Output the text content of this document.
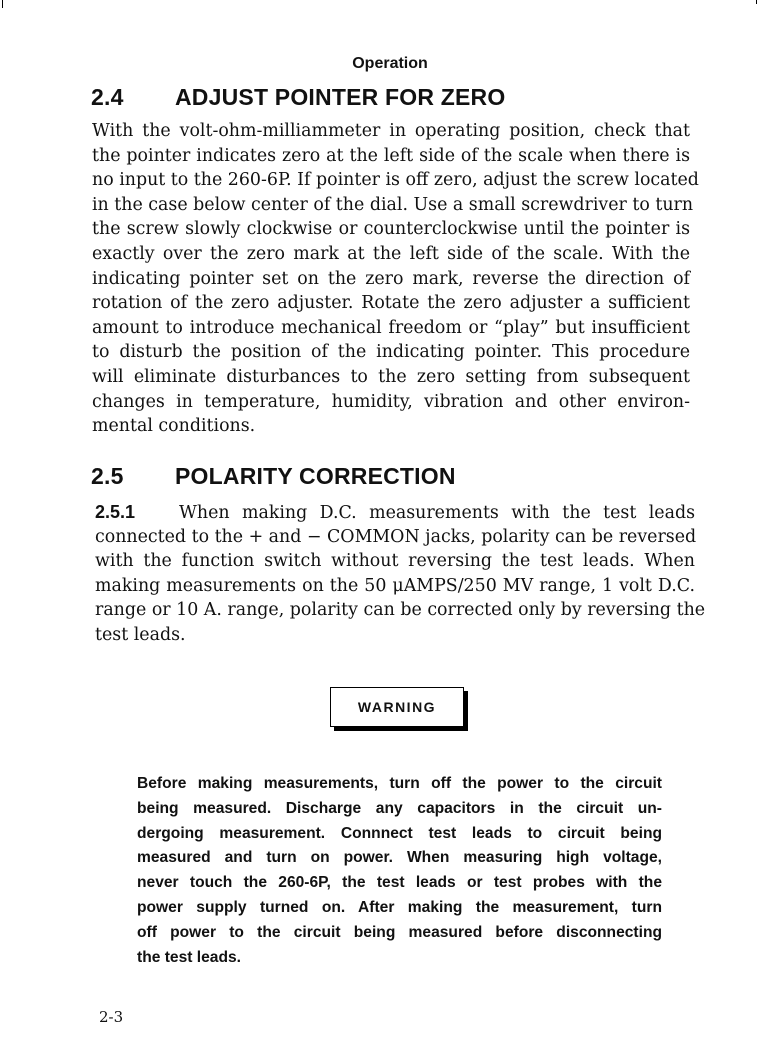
Operation
2.4 ADJUST POINTER FOR ZERO
With the volt-ohm-milliammeter in operating position, check that
the pointer indicates zero at the left side of the scale when there is
no input to the 260-6P. If pointer is off zero, adjust the screw located
in the case below center of the dial. Use a small screwdriver to turn
the screw slowly clockwise or counterclockwise until the pointer is
exactly over the zero mark at the left side of the scale. With the
indicating pointer set on the zero mark, reverse the direction of
rotation of the zero adjuster. Rotate the zero adjuster a sufficient
amount to introduce mechanical freedom or “play” but insufficient
to disturb the position of the indicating pointer. This procedure
will eliminate disturbances to the zero setting from subsequent
changes in temperature, humidity, vibration and other environ-
mental conditions.
2.5 POLARITY CORRECTION
2.5.1	When making D.C. measurements with the test leads
connected to the + and − COMMON jacks, polarity can be reversed
with the function switch without reversing the test leads. When
making measurements on the 50 μAMPS/250 MV range, 1 volt D.C.
range or 10 A. range, polarity can be corrected only by reversing the
test leads.
WARNING
Before making measurements, turn off the power to the circuit
being measured. Discharge any capacitors in the circuit un-
dergoing measurement. Connnect test leads to circuit being
measured and turn on power. When measuring high voltage,
never touch the 260-6P, the test leads or test probes with the
power supply turned on. After making the measurement, turn
off power to the circuit being measured before disconnecting
the test leads.
2-3
